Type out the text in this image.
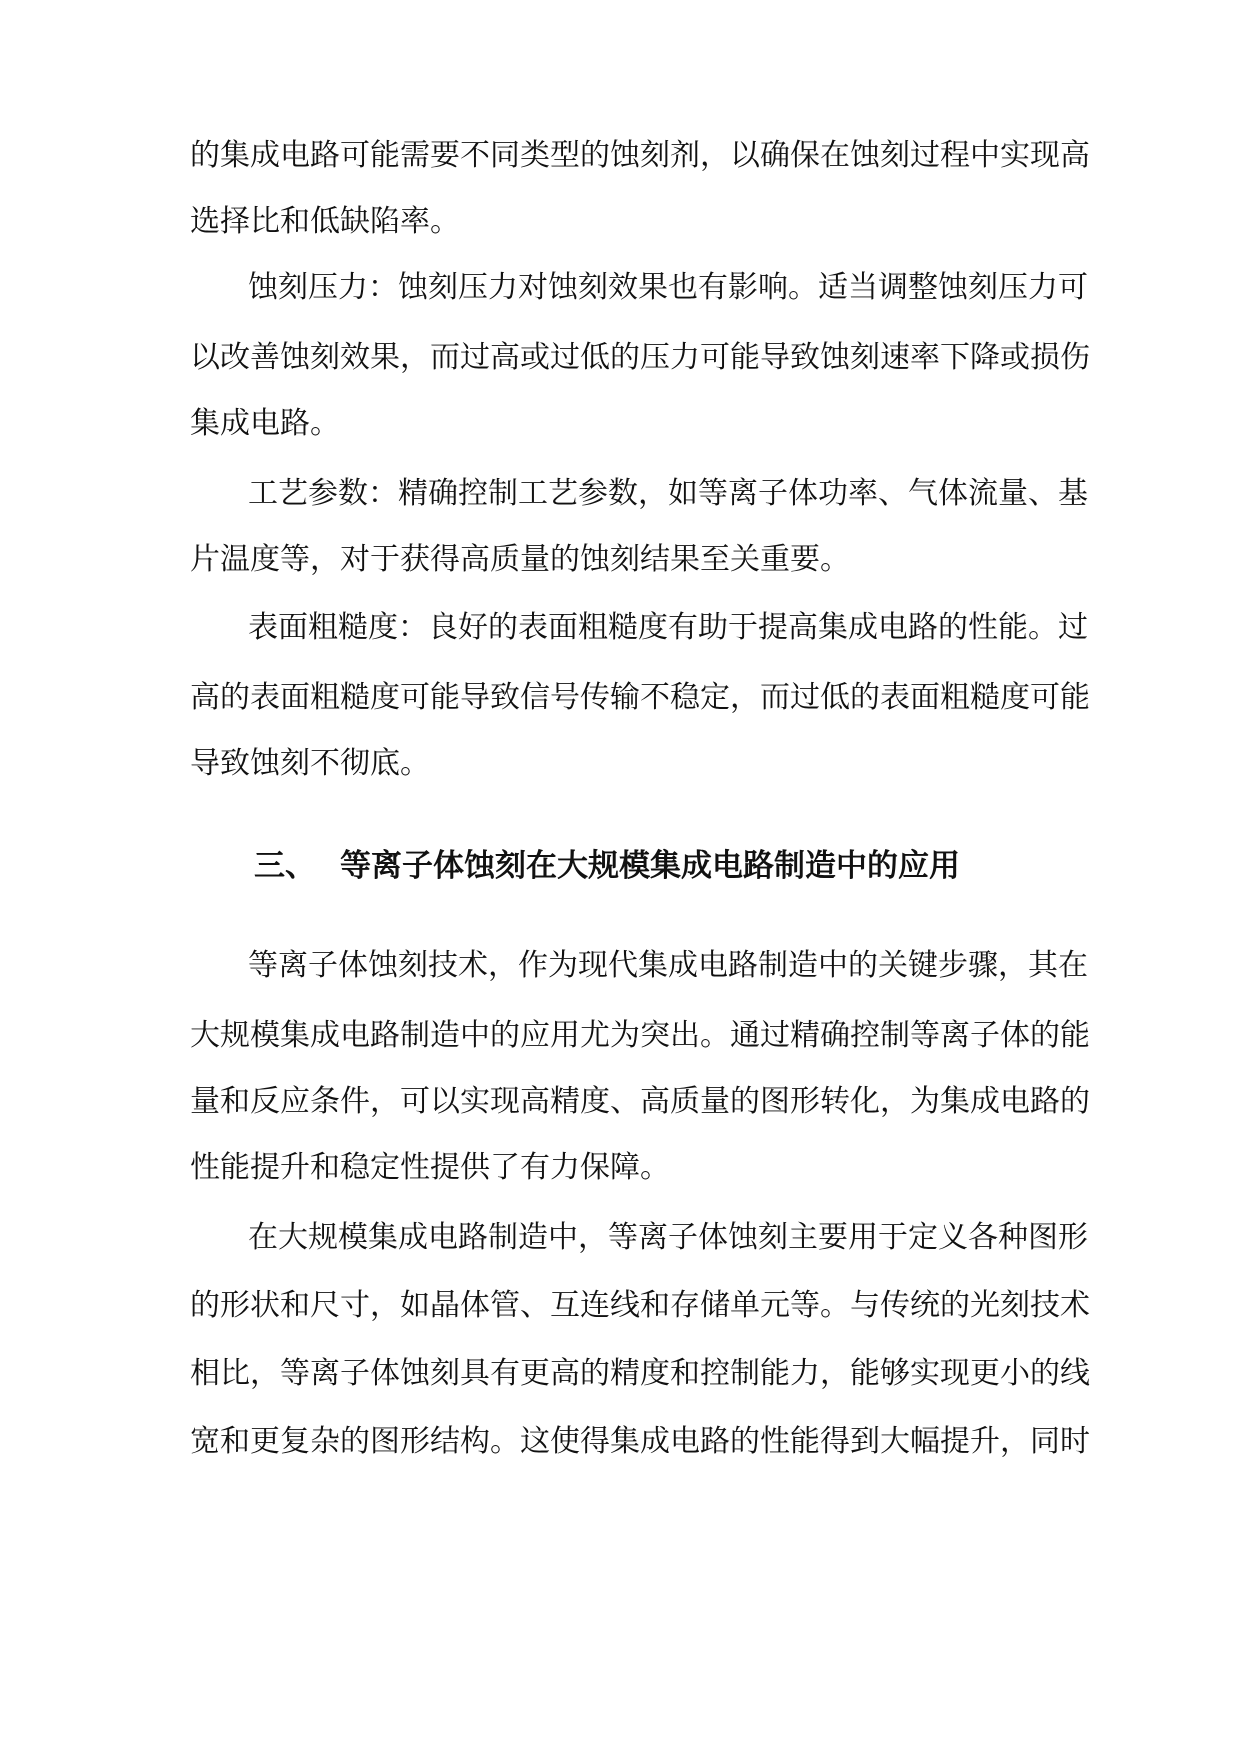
的集成电路可能需要不同类型的蚀刻剂，以确保在蚀刻过程中实现高
选择比和低缺陷率。
蚀刻压力：蚀刻压力对蚀刻效果也有影响。适当调整蚀刻压力可
以改善蚀刻效果，而过高或过低的压力可能导致蚀刻速率下降或损伤
集成电路。
工艺参数：精确控制工艺参数，如等离子体功率、气体流量、基
片温度等，对于获得高质量的蚀刻结果至关重要。
表面粗糙度：良好的表面粗糙度有助于提高集成电路的性能。过
高的表面粗糙度可能导致信号传输不稳定，而过低的表面粗糙度可能
导致蚀刻不彻底。
三、 等离子体蚀刻在大规模集成电路制造中的应用
等离子体蚀刻技术，作为现代集成电路制造中的关键步骤，其在
大规模集成电路制造中的应用尤为突出。通过精确控制等离子体的能
量和反应条件，可以实现高精度、高质量的图形转化，为集成电路的
性能提升和稳定性提供了有力保障。
在大规模集成电路制造中，等离子体蚀刻主要用于定义各种图形
的形状和尺寸，如晶体管、互连线和存储单元等。与传统的光刻技术
相比，等离子体蚀刻具有更高的精度和控制能力，能够实现更小的线
宽和更复杂的图形结构。这使得集成电路的性能得到大幅提升，同时
